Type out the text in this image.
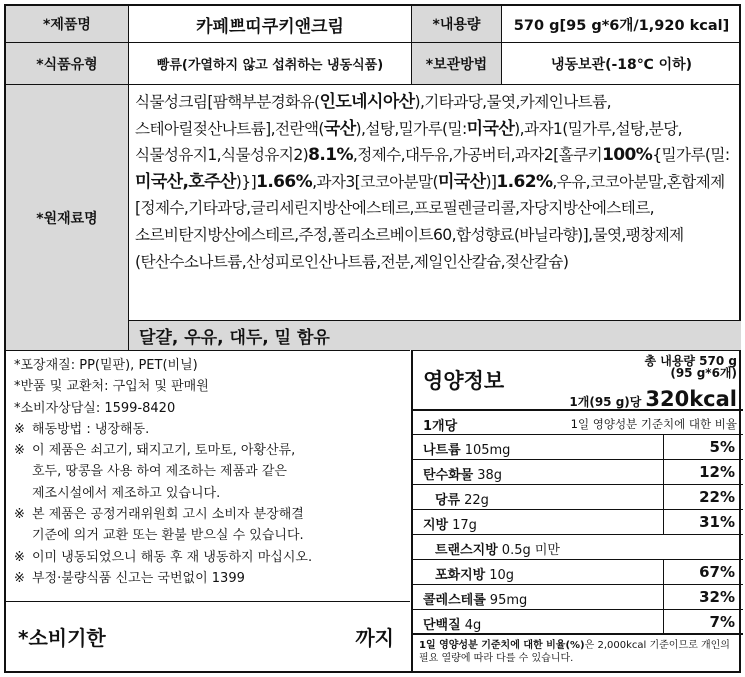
*제품명	카페쁘띠쿠키앤크림	*내용량	570 g[95 g*6개/1,920 kcal]
*식품유형	빵류(가열하지 않고 섭취하는 냉동식품)	*보관방법	냉동보관(-18℃ 이하)
*원재료명
식물성크림[팜핵부분경화유(인도네시아산),기타과당,물엿,카제인나트륨,스테아릴젖산나트륨],전란액(국산),설탕,밀가루(밀:미국산),과자1(밀가루,설탕,분당,식물성유지1,식물성유지2)8.1%,정제수,대두유,가공버터,과자2[홀쿠키100%{밀가루(밀:미국산,호주산)}]1.66%,과자3[코코아분말(미국산)]1.62%,우유,코코아분말,혼합제제[정제수,기타과당,글리세린지방산에스테르,프로필렌글리콜,자당지방산에스테르,소르비탄지방산에스테르,주정,폴리소르베이트60,합성향료(바닐라향)],물엿,팽창제제(탄산수소나트륨,산성피로인산나트륨,전분,제일인산칼슘,젖산칼슘)
달걀, 우유, 대두, 밀 함유
*포장재질: PP(밑판), PET(비닐)
*반품 및 교환처: 구입처 및 판매원
*소비자상담실: 1599-8420
※ 해동방법 : 냉장해동.
※ 이 제품은 쇠고기, 돼지고기, 토마토, 아황산류,
호두, 땅콩을 사용 하여 제조하는 제품과 같은
제조시설에서 제조하고 있습니다.
※ 본 제품은 공정거래위원회 고시 소비자 분장해결
기준에 의거 교환 또는 환불 받으실 수 있습니다.
※ 이미 냉동되었으니 해동 후 재 냉동하지 마십시오.
※ 부정·불량식품 신고는 국번없이 1399
*소비기한	까지
영양정보
총 내용량 570 g
(95 g*6개)
1개(95 g)당 320kcal
1개당	1일 영양성분 기준치에 대한 비율
나트륨 105mg	5%
탄수화물 38g	12%
당류 22g	22%
지방 17g	31%
트랜스지방 0.5g 미만
포화지방 10g	67%
콜레스테롤 95mg	32%
단백질 4g	7%
1일 영양성분 기준치에 대한 비율(%)은 2,000kcal 기준이므로 개인의 필요 열량에 따라 다를 수 있습니다.
